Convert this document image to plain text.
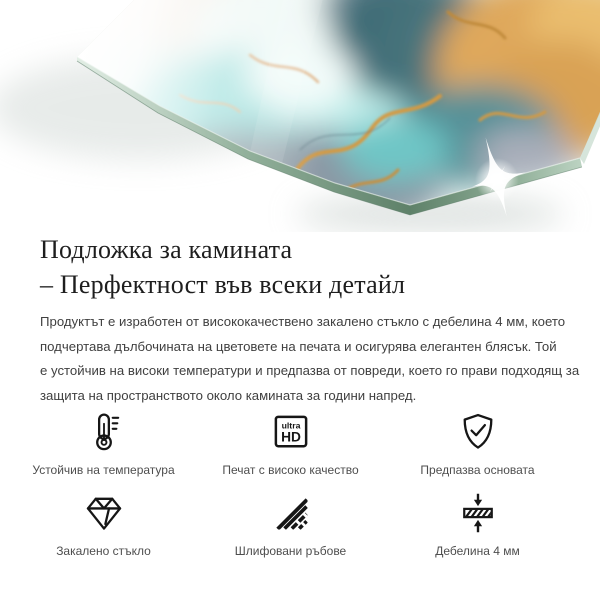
Подложка за камината
– Перфектност във всеки детайл
Продуктът е изработен от висококачествено закалено стъкло с дебелина 4 мм, което
подчертава дълбочината на цветовете на печата и осигурява елегантен блясък. Той
е устойчив на високи температури и предпазва от повреди, което го прави подходящ за
защита на пространството около камината за години напред.
Устойчив на температура
ultra
HD
Печат с високо качество	Предпазва основата
Закалено стъкло	Шлифовани ръбове	Дебелина 4 мм
